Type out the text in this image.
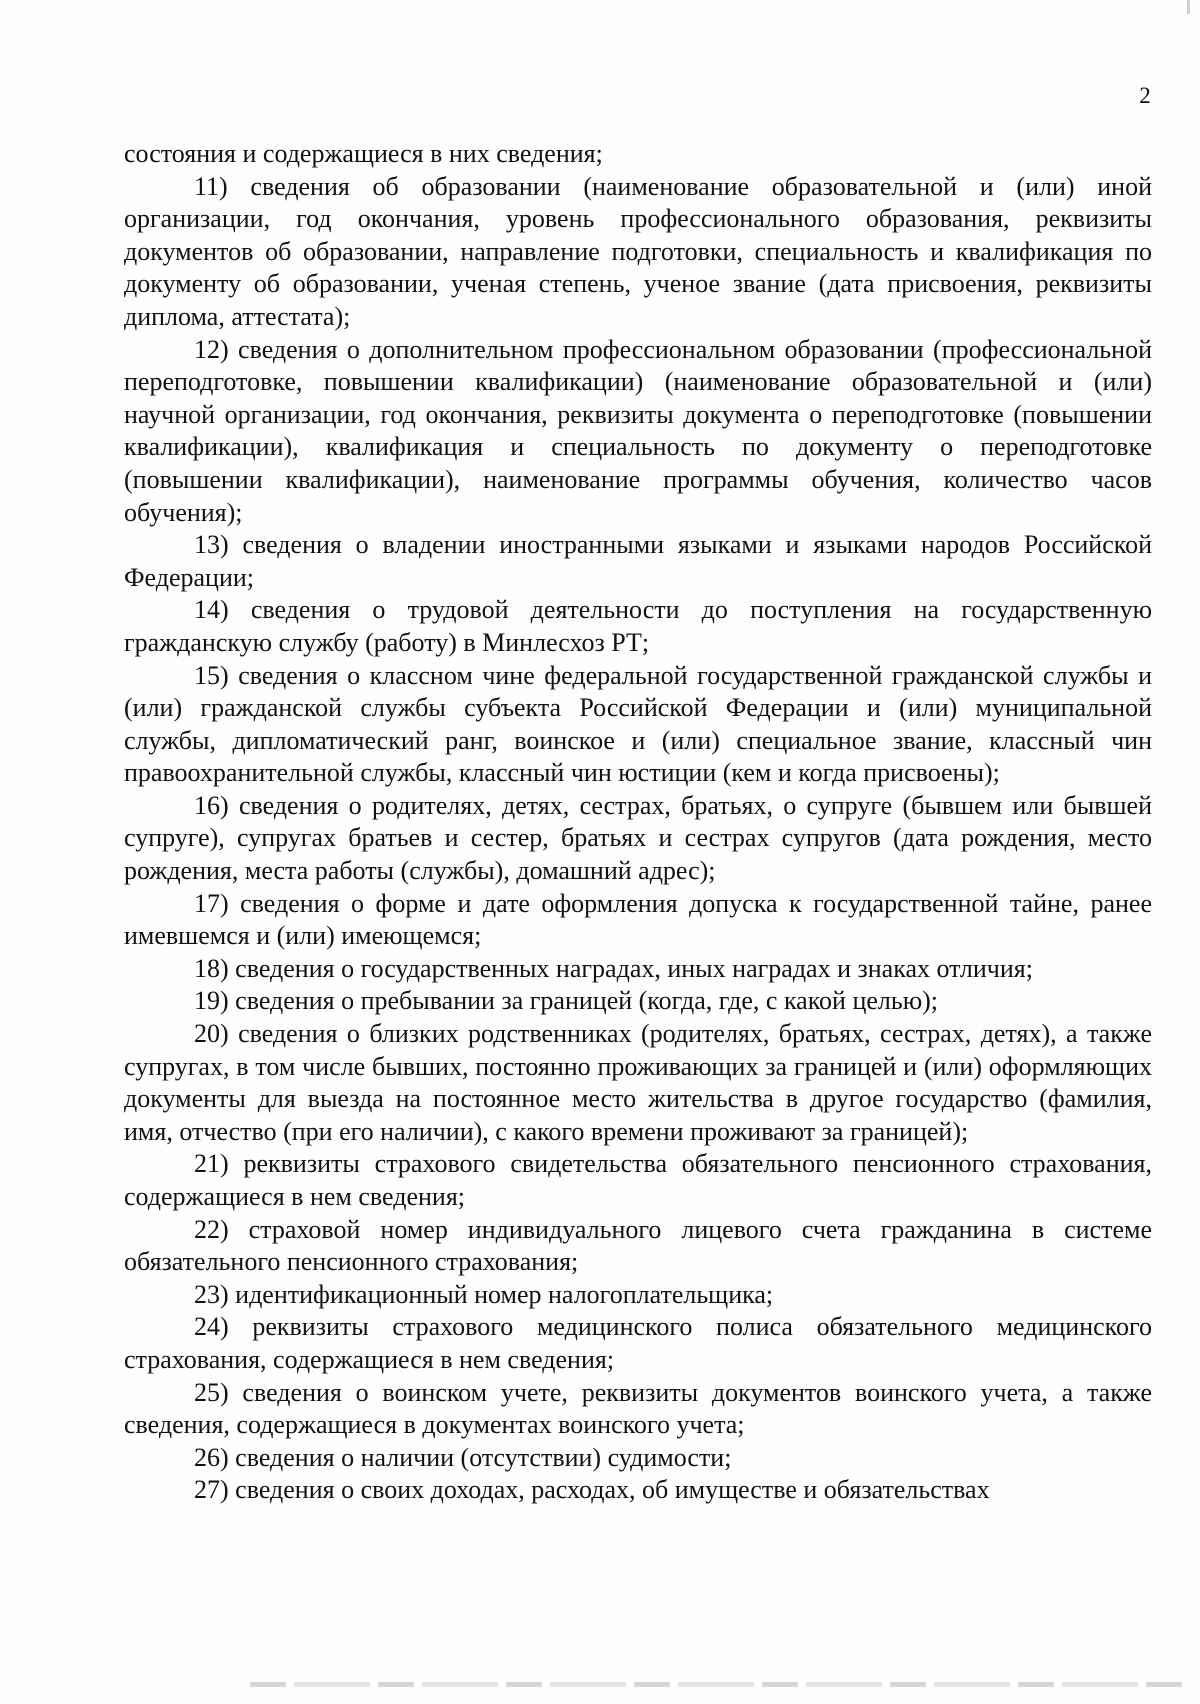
2

состояния и содержащиеся в них сведения;

11) сведения об образовании (наименование образовательной и (или) иной организации, год окончания, уровень профессионального образования, реквизиты документов об образовании, направление подготовки, специальность и квалификация по документу об образовании, ученая степень, ученое звание (дата присвоения, реквизиты диплома, аттестата);

12) сведения о дополнительном профессиональном образовании (профессиональной переподготовке, повышении квалификации) (наименование образовательной и (или) научной организации, год окончания, реквизиты документа о переподготовке (повышении квалификации), квалификация и специальность по документу о переподготовке (повышении квалификации), наименование программы обучения, количество часов обучения);

13) сведения о владении иностранными языками и языками народов Российской Федерации;

14) сведения о трудовой деятельности до поступления на государственную гражданскую службу (работу) в Минлесхоз РТ;

15) сведения о классном чине федеральной государственной гражданской службы и (или) гражданской службы субъекта Российской Федерации и (или) муниципальной службы, дипломатический ранг, воинское и (или) специальное звание, классный чин правоохранительной службы, классный чин юстиции (кем и когда присвоены);

16) сведения о родителях, детях, сестрах, братьях, о супруге (бывшем или бывшей супруге), супругах братьев и сестер, братьях и сестрах супругов (дата рождения, место рождения, места работы (службы), домашний адрес);

17) сведения о форме и дате оформления допуска к государственной тайне, ранее имевшемся и (или) имеющемся;

18) сведения о государственных наградах, иных наградах и знаках отличия;

19) сведения о пребывании за границей (когда, где, с какой целью);

20) сведения о близких родственниках (родителях, братьях, сестрах, детях), а также супругах, в том числе бывших, постоянно проживающих за границей и (или) оформляющих документы для выезда на постоянное место жительства в другое государство (фамилия, имя, отчество (при его наличии), с какого времени проживают за границей);

21) реквизиты страхового свидетельства обязательного пенсионного страхования, содержащиеся в нем сведения;

22) страховой номер индивидуального лицевого счета гражданина в системе обязательного пенсионного страхования;

23) идентификационный номер налогоплательщика;

24) реквизиты страхового медицинского полиса обязательного медицинского страхования, содержащиеся в нем сведения;

25) сведения о воинском учете, реквизиты документов воинского учета, а также сведения, содержащиеся в документах воинского учета;

26) сведения о наличии (отсутствии) судимости;

27) сведения о своих доходах, расходах, об имуществе и обязательствах
